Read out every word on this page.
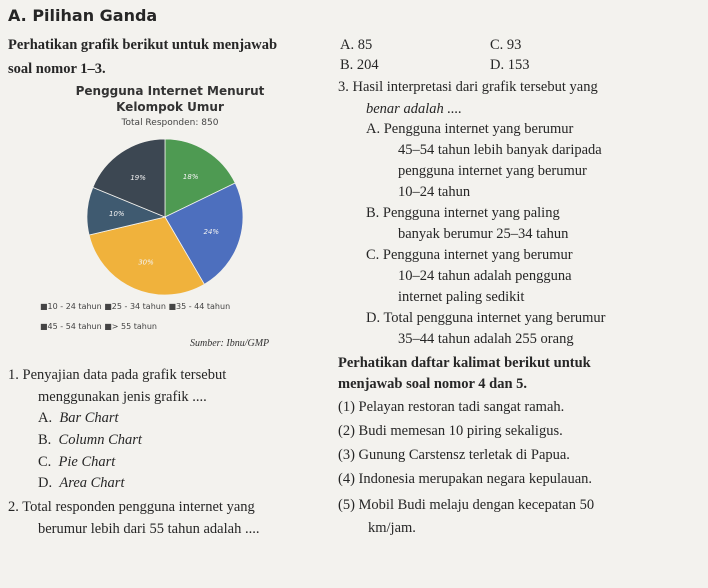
A. Pilihan Ganda
Perhatikan grafik berikut untuk menjawab
soal nomor 1–3.
Pengguna Internet Menurut
Kelompok Umur
Total Responden: 850
18%
24%
30%
10%
19%
■10 - 24 tahun ■25 - 34 tahun ■35 - 44 tahun
■45 - 54 tahun ■> 55 tahun
Sumber: Ibnu/GMP
1. Penyajian data pada grafik tersebut
menggunakan jenis grafik ....
A.  Bar Chart
B.  Column Chart
C.  Pie Chart
D.  Area Chart
2. Total responden pengguna internet yang
berumur lebih dari 55 tahun adalah ....
A. 85	C. 93
B. 204	D. 153
3. Hasil interpretasi dari grafik tersebut yang
benar adalah ....
A. Pengguna internet yang berumur
45–54 tahun lebih banyak daripada
pengguna internet yang berumur
10–24 tahun
B. Pengguna internet yang paling
banyak berumur 25–34 tahun
C. Pengguna internet yang berumur
10–24 tahun adalah pengguna
internet paling sedikit
D. Total pengguna internet yang berumur
35–44 tahun adalah 255 orang
Perhatikan daftar kalimat berikut untuk
menjawab soal nomor 4 dan 5.
(1) Pelayan restoran tadi sangat ramah.
(2) Budi memesan 10 piring sekaligus.
(3) Gunung Carstensz terletak di Papua.
(4) Indonesia merupakan negara kepulauan.
(5) Mobil Budi melaju dengan kecepatan 50
km/jam.
